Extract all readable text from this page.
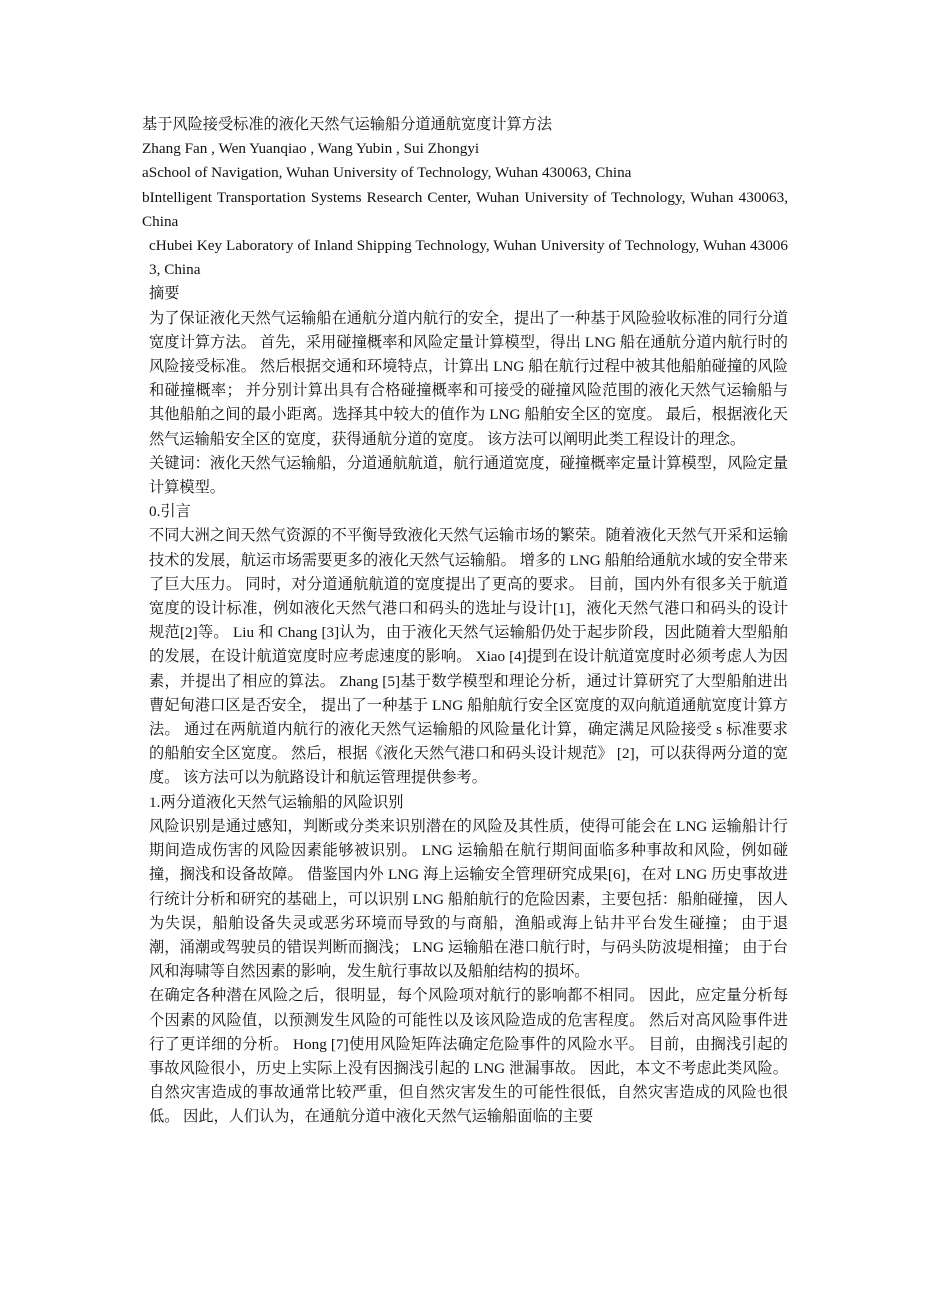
基于风险接受标准的液化天然气运输船分道通航宽度计算方法

Zhang Fan , Wen Yuanqiao , Wang Yubin , Sui Zhongyi

aSchool of Navigation, Wuhan University of Technology, Wuhan 430063, China

bIntelligent Transportation Systems Research Center, Wuhan University of Technology, Wuhan 430063, China

cHubei Key Laboratory of Inland Shipping Technology, Wuhan University of Technology, Wuhan 430063, China

摘要

为了保证液化天然气运输船在通航分道内航行的安全，提出了一种基于风险验收标准的同行分道宽度计算方法。 首先，采用碰撞概率和风险定量计算模型，得出 LNG 船在通航分道内航行时的风险接受标准。 然后根据交通和环境特点，计算出 LNG 船在航行过程中被其他船舶碰撞的风险和碰撞概率； 并分别计算出具有合格碰撞概率和可接受的碰撞风险范围的液化天然气运输船与其他船舶之间的最小距离。选择其中较大的值作为 LNG 船舶安全区的宽度。 最后，根据液化天然气运输船安全区的宽度，获得通航分道的宽度。 该方法可以阐明此类工程设计的理念。

关键词：液化天然气运输船，分道通航航道，航行通道宽度，碰撞概率定量计算模型，风险定量计算模型。

0.引言

不同大洲之间天然气资源的不平衡导致液化天然气运输市场的繁荣。随着液化天然气开采和运输技术的发展，航运市场需要更多的液化天然气运输船。 增多的 LNG 船舶给通航水域的安全带来了巨大压力。 同时，对分道通航航道的宽度提出了更高的要求。 目前，国内外有很多关于航道宽度的设计标准，例如液化天然气港口和码头的选址与设计[1]，液化天然气港口和码头的设计规范[2]等。 Liu 和 Chang [3]认为，由于液化天然气运输船仍处于起步阶段，因此随着大型船舶的发展，在设计航道宽度时应考虑速度的影响。 Xiao [4]提到在设计航道宽度时必须考虑人为因素，并提出了相应的算法。 Zhang [5]基于数学模型和理论分析，通过计算研究了大型船舶进出曹妃甸港口区是否安全， 提出了一种基于 LNG 船舶航行安全区宽度的双向航道通航宽度计算方法。 通过在两航道内航行的液化天然气运输船的风险量化计算，确定满足风险接受 s 标准要求的船舶安全区宽度。 然后，根据《液化天然气港口和码头设计规范》 [2]，可以获得两分道的宽度。 该方法可以为航路设计和航运管理提供参考。

1.两分道液化天然气运输船的风险识别

风险识别是通过感知，判断或分类来识别潜在的风险及其性质，使得可能会在 LNG 运输船计行期间造成伤害的风险因素能够被识别。 LNG 运输船在航行期间面临多种事故和风险，例如碰撞，搁浅和设备故障。 借鉴国内外 LNG 海上运输安全管理研究成果[6]，在对 LNG 历史事故进行统计分析和研究的基础上，可以识别 LNG 船舶航行的危险因素，主要包括：船舶碰撞， 因人为失误，船舶设备失灵或恶劣环境而导致的与商船，渔船或海上钻井平台发生碰撞； 由于退潮，涌潮或驾驶员的错误判断而搁浅； LNG 运输船在港口航行时，与码头防波堤相撞； 由于台风和海啸等自然因素的影响，发生航行事故以及船舶结构的损坏。

在确定各种潜在风险之后，很明显，每个风险项对航行的影响都不相同。 因此，应定量分析每个因素的风险值，以预测发生风险的可能性以及该风险造成的危害程度。 然后对高风险事件进行了更详细的分析。 Hong [7]使用风险矩阵法确定危险事件的风险水平。 目前，由搁浅引起的事故风险很小，历史上实际上没有因搁浅引起的 LNG 泄漏事故。 因此，本文不考虑此类风险。 自然灾害造成的事故通常比较严重，但自然灾害发生的可能性很低，自然灾害造成的风险也很低。 因此，人们认为，在通航分道中液化天然气运输船面临的主要
